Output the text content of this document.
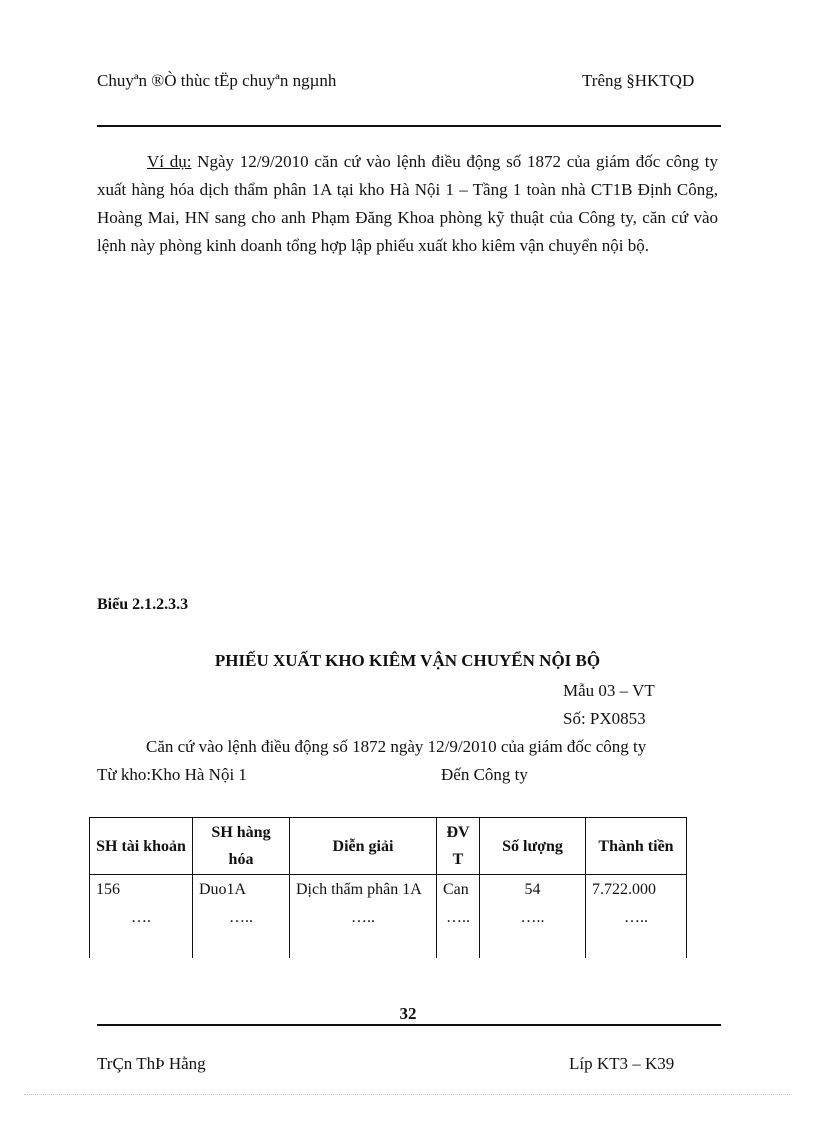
Chuyªn ®Ò thùc tËp chuyªn ngµnh	Trêng §HKTQD
Ví dụ: Ngày 12/9/2010 căn cứ vào lệnh điều động số 1872 của giám đốc công ty xuất hàng hóa dịch thẩm phân 1A tại kho Hà Nội 1 – Tầng 1 toàn nhà CT1B Định Công, Hoàng Mai, HN sang cho anh Phạm Đăng Khoa phòng kỹ thuật của Công ty, căn cứ vào lệnh này phòng kinh doanh tổng hợp lập phiếu xuất kho kiêm vận chuyển nội bộ.
Biểu 2.1.2.3.3
PHIẾU XUẤT KHO KIÊM VẬN CHUYỂN NỘI BỘ
Mẫu 03 – VT
Số: PX0853
Căn cứ vào lệnh điều động số 1872 ngày 12/9/2010 của giám đốc công ty
Từ kho:Kho Hà Nội 1	Đến Công ty
SH tài khoản	SH hàng hóa	Diễn giải	ĐV T	Số lượng	Thành tiền
156	Duo1A	Dịch thẩm phân 1A	Can	54	7.722.000
….	…..	…..	…..	…..	…..
32
TrÇn ThÞ Hằng	Líp KT3 – K39
